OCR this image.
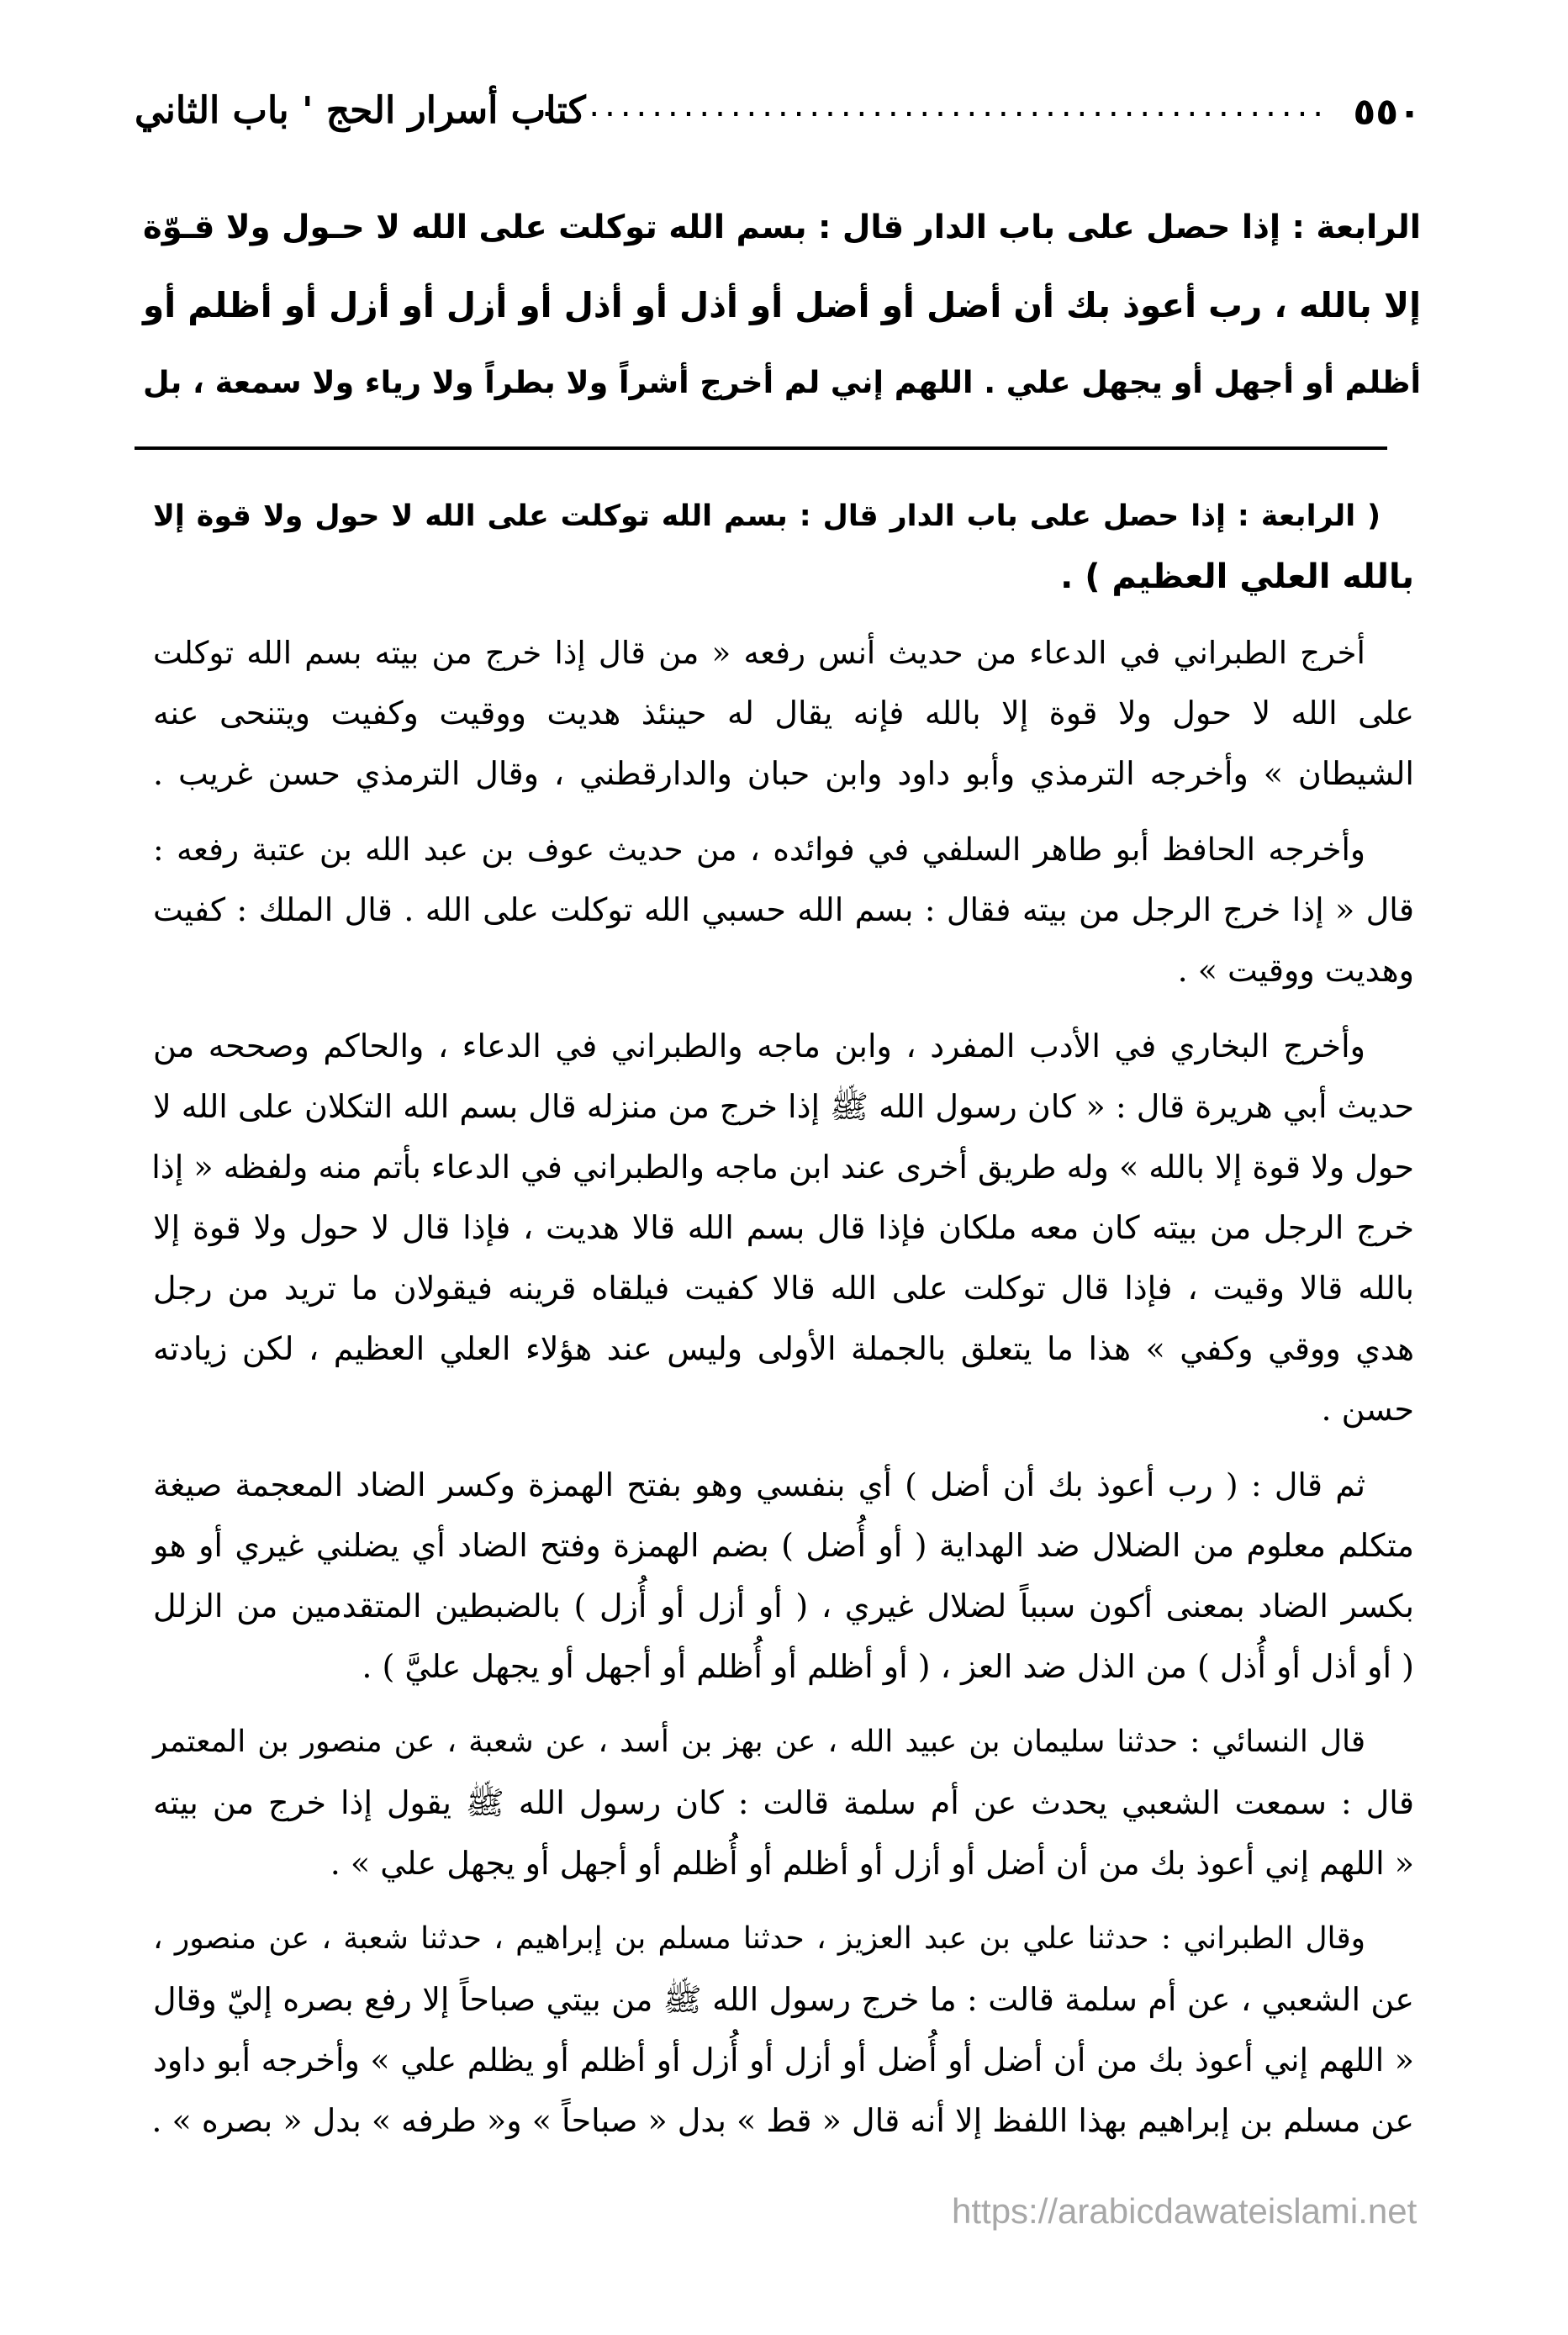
٥٥٠
..................................................
كتاب أسرار الحج ' باب الثاني
الرابعة : إذا حصل على باب الدار قال : بسم الله توكلت على الله لا حـول ولا قـوّة
إلا بالله ، رب أعوذ بك أن أضل أو أضل أو أذل أو أذل أو أزل أو أزل أو أظلم أو
أظلم أو أجهل أو يجهل علي . اللهم إني لم أخرج أشراً ولا بطراً ولا رياء ولا سمعة ، بل
( الرابعة : إذا حصل على باب الدار قال : بسم الله توكلت على الله لا حول ولا قوة إلا
بالله العلي العظيم ) .
أخرج الطبراني في الدعاء من حديث أنس رفعه « من قال إذا خرج من بيته بسم الله توكلت
على الله لا حول ولا قوة إلا بالله فإنه يقال له حينئذ هديت ووقيت وكفيت ويتنحى عنه
الشيطان » وأخرجه الترمذي وأبو داود وابن حبان والدارقطني ، وقال الترمذي حسن غريب .
وأخرجه الحافظ أبو طاهر السلفي في فوائده ، من حديث عوف بن عبد الله بن عتبة رفعه :
قال « إذا خرج الرجل من بيته فقال : بسم الله حسبي الله توكلت على الله . قال الملك : كفيت
وهديت ووقيت » .
وأخرج البخاري في الأدب المفرد ، وابن ماجه والطبراني في الدعاء ، والحاكم وصححه من
حديث أبي هريرة قال : « كان رسول الله ﷺ إذا خرج من منزله قال بسم الله التكلان على الله لا
حول ولا قوة إلا بالله » وله طريق أخرى عند ابن ماجه والطبراني في الدعاء بأتم منه ولفظه « إذا
خرج الرجل من بيته كان معه ملكان فإذا قال بسم الله قالا هديت ، فإذا قال لا حول ولا قوة إلا
بالله قالا وقيت ، فإذا قال توكلت على الله قالا كفيت فيلقاه قرينه فيقولان ما تريد من رجل
هدي ووقي وكفي » هذا ما يتعلق بالجملة الأولى وليس عند هؤلاء العلي العظيم ، لكن زيادته
حسن .
ثم قال : ( رب أعوذ بك أن أضل ) أي بنفسي وهو بفتح الهمزة وكسر الضاد المعجمة صيغة
متكلم معلوم من الضلال ضد الهداية ( أو أُضل ) بضم الهمزة وفتح الضاد أي يضلني غيري أو هو
بكسر الضاد بمعنى أكون سبباً لضلال غيري ، ( أو أزل أو أُزل ) بالضبطين المتقدمين من الزلل
( أو أذل أو أُذل ) من الذل ضد العز ، ( أو أظلم أو أُظلم أو أجهل أو يجهل عليَّ ) .
قال النسائي : حدثنا سليمان بن عبيد الله ، عن بهز بن أسد ، عن شعبة ، عن منصور بن المعتمر
قال : سمعت الشعبي يحدث عن أم سلمة قالت : كان رسول الله ﷺ يقول إذا خرج من بيته
« اللهم إني أعوذ بك من أن أضل أو أزل أو أظلم أو أُظلم أو أجهل أو يجهل علي » .
وقال الطبراني : حدثنا علي بن عبد العزيز ، حدثنا مسلم بن إبراهيم ، حدثنا شعبة ، عن منصور ،
عن الشعبي ، عن أم سلمة قالت : ما خرج رسول الله ﷺ من بيتي صباحاً إلا رفع بصره إليّ وقال
« اللهم إني أعوذ بك من أن أضل أو أُضل أو أزل أو أُزل أو أظلم أو يظلم علي » وأخرجه أبو داود
عن مسلم بن إبراهيم بهذا اللفظ إلا أنه قال « قط » بدل « صباحاً » و« طرفه » بدل « بصره » .
https://arabicdawateislami.net
